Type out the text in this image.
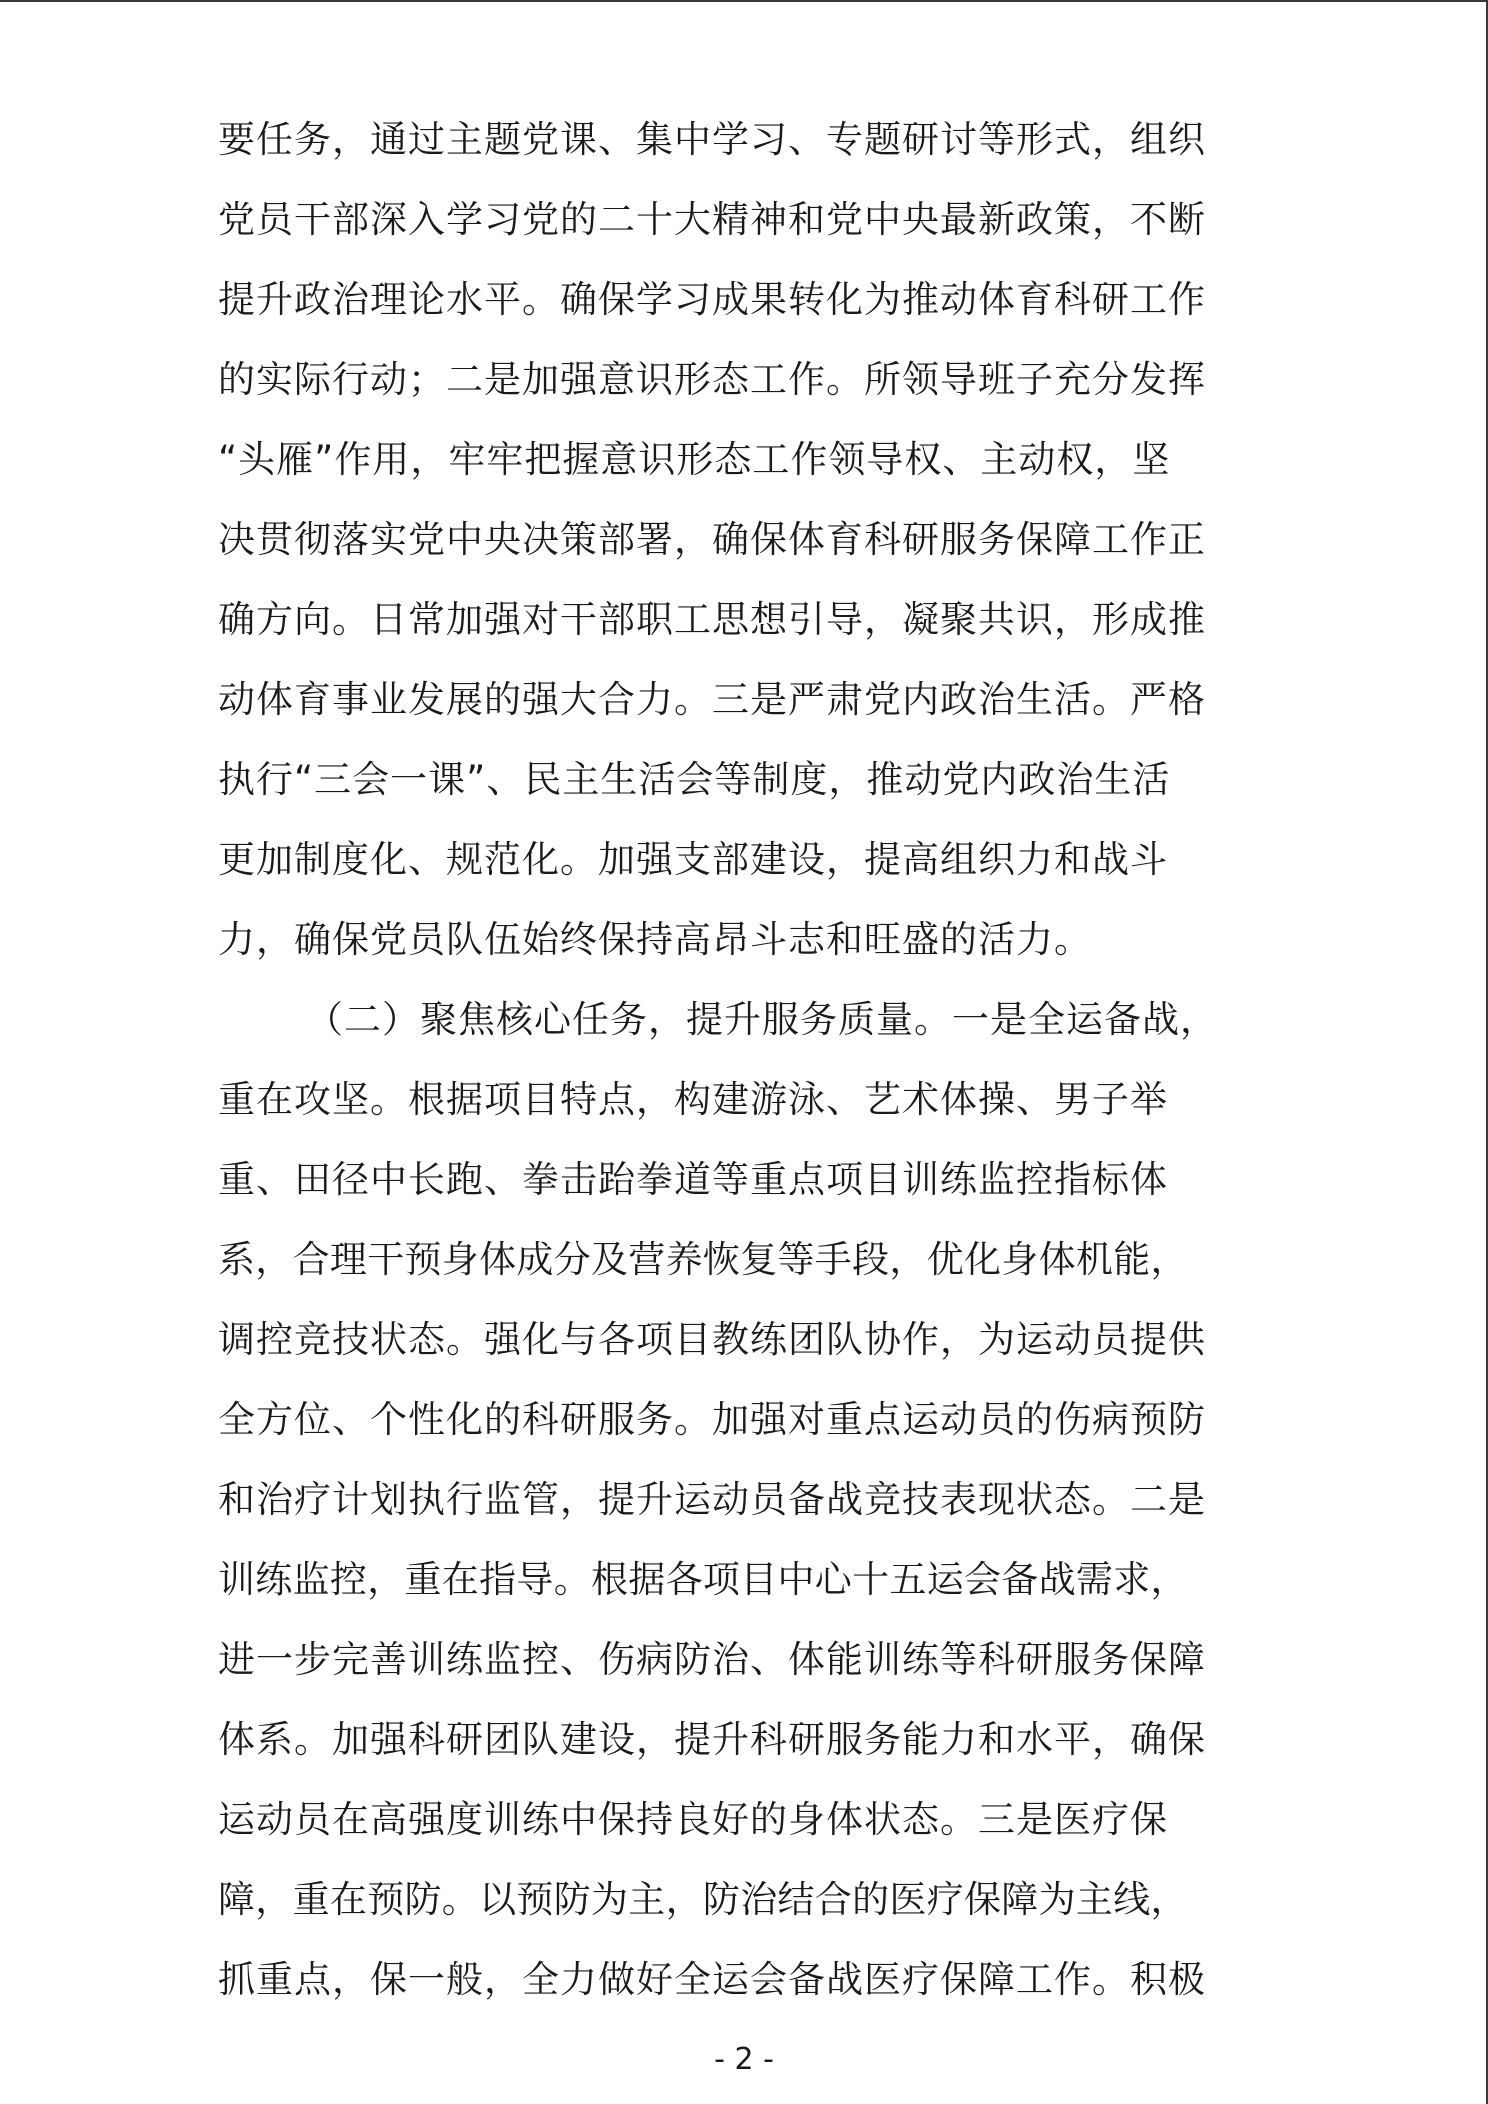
要任务，通过主题党课、集中学习、专题研讨等形式，组织
党员干部深入学习党的二十大精神和党中央最新政策，不断
提升政治理论水平。确保学习成果转化为推动体育科研工作
的实际行动；二是加强意识形态工作。所领导班子充分发挥
“头雁”作用，牢牢把握意识形态工作领导权、主动权，坚
决贯彻落实党中央决策部署，确保体育科研服务保障工作正
确方向。日常加强对干部职工思想引导，凝聚共识，形成推
动体育事业发展的强大合力。三是严肃党内政治生活。严格
执行“三会一课”、民主生活会等制度，推动党内政治生活
更加制度化、规范化。加强支部建设，提高组织力和战斗
力，确保党员队伍始终保持高昂斗志和旺盛的活力。
（二）聚焦核心任务，提升服务质量。一是全运备战，
重在攻坚。根据项目特点，构建游泳、艺术体操、男子举
重、田径中长跑、拳击跆拳道等重点项目训练监控指标体
系，合理干预身体成分及营养恢复等手段，优化身体机能，
调控竞技状态。强化与各项目教练团队协作，为运动员提供
全方位、个性化的科研服务。加强对重点运动员的伤病预防
和治疗计划执行监管，提升运动员备战竞技表现状态。二是
训练监控，重在指导。根据各项目中心十五运会备战需求，
进一步完善训练监控、伤病防治、体能训练等科研服务保障
体系。加强科研团队建设，提升科研服务能力和水平，确保
运动员在高强度训练中保持良好的身体状态。三是医疗保
障，重在预防。以预防为主，防治结合的医疗保障为主线，
抓重点，保一般，全力做好全运会备战医疗保障工作。积极
- 2 -
